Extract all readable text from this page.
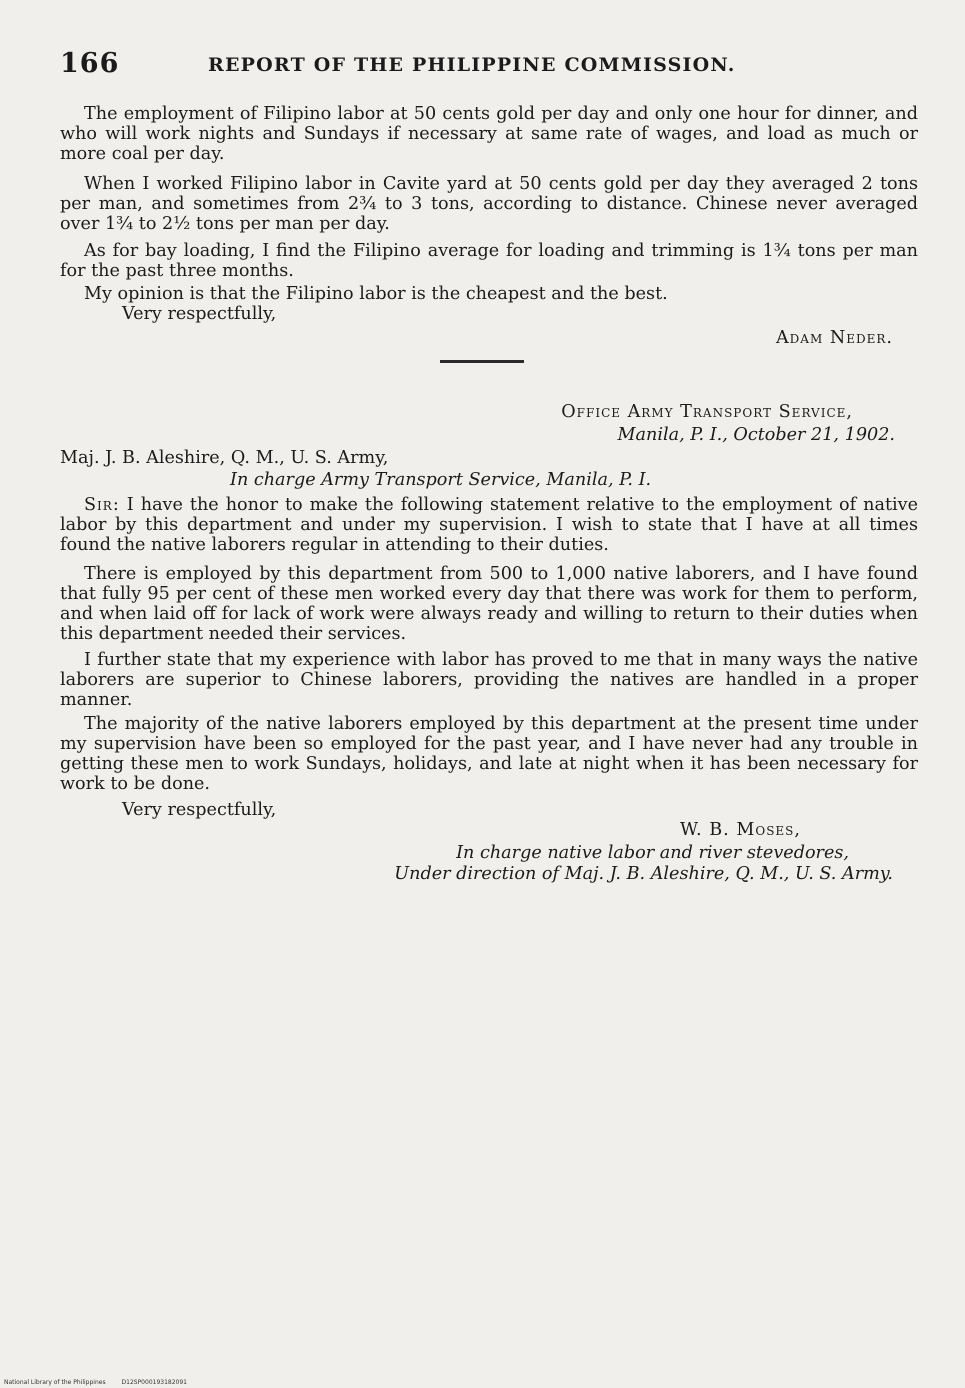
166	REPORT OF THE PHILIPPINE COMMISSION.

The employment of Filipino labor at 50 cents gold per day and only one hour for dinner, and who will work nights and Sundays if necessary at same rate of wages, and load as much or more coal per day.

When I worked Filipino labor in Cavite yard at 50 cents gold per day they averaged 2 tons per man, and sometimes from 2¾ to 3 tons, according to distance. Chinese never averaged over 1¾ to 2½ tons per man per day.

As for bay loading, I find the Filipino average for loading and trimming is 1¾ tons per man for the past three months.

My opinion is that the Filipino labor is the cheapest and the best.

Very respectfully,
Adam Neder.
Office Army Transport Service,
Manila, P. I., October 21, 1902.
Maj. J. B. Aleshire, Q. M., U. S. Army,
In charge Army Transport Service, Manila, P. I.

Sir: I have the honor to make the following statement relative to the employment of native labor by this department and under my supervision. I wish to state that I have at all times found the native laborers regular in attending to their duties.

There is employed by this department from 500 to 1,000 native laborers, and I have found that fully 95 per cent of these men worked every day that there was work for them to perform, and when laid off for lack of work were always ready and willing to return to their duties when this department needed their services.

I further state that my experience with labor has proved to me that in many ways the native laborers are superior to Chinese laborers, providing the natives are handled in a proper manner.

The majority of the native laborers employed by this department at the present time under my supervision have been so employed for the past year, and I have never had any trouble in getting these men to work Sundays, holidays, and late at night when it has been necessary for work to be done.

Very respectfully,
W. B. Moses,
In charge native labor and river stevedores,
Under direction of Maj. J. B. Aleshire, Q. M., U. S. Army.
National Library of the Philippines	D12SP000193182091
